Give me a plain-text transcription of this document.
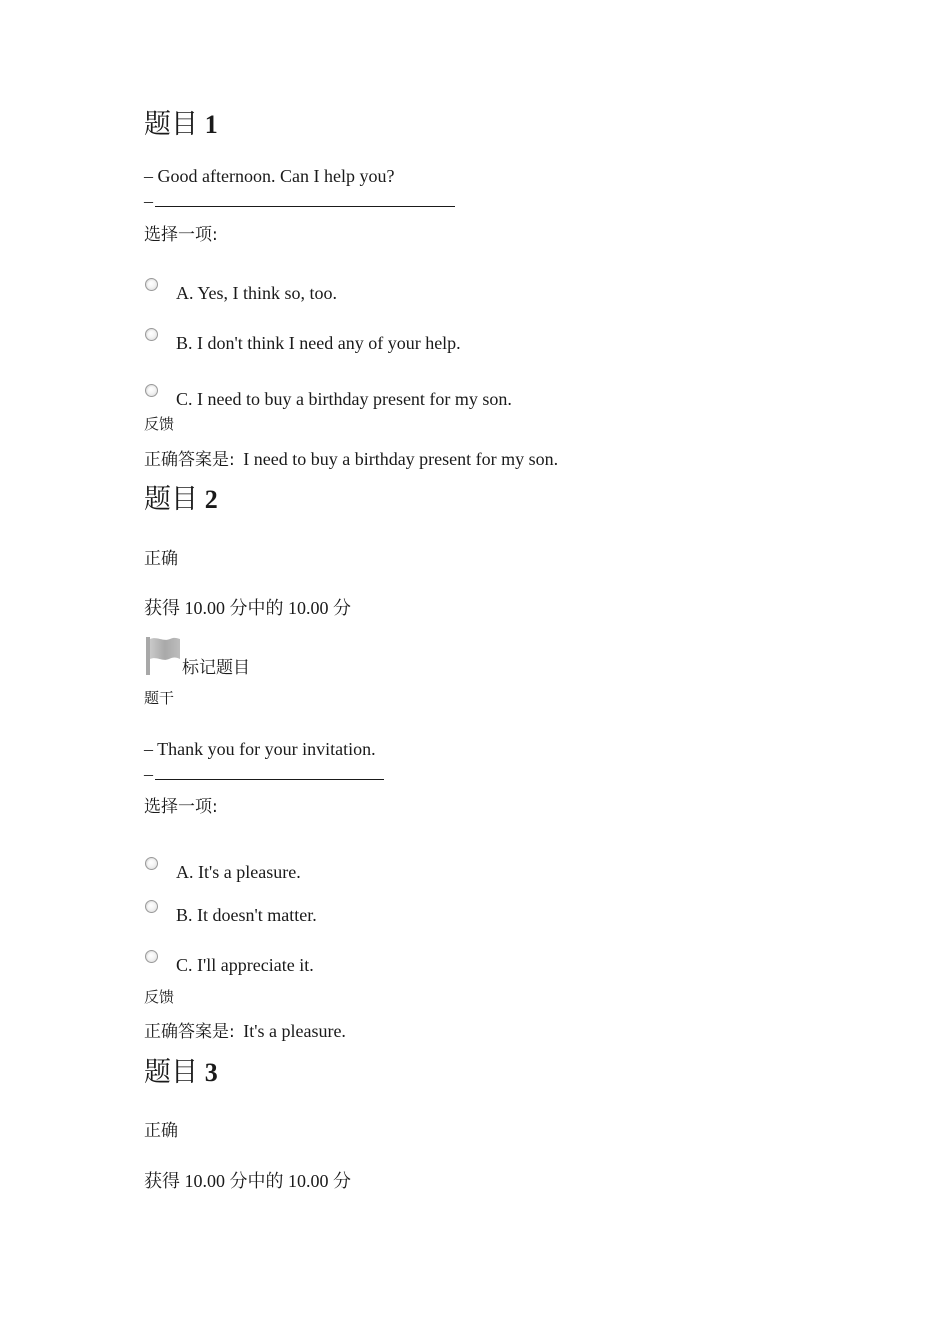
题目 1
– Good afternoon. Can I help you?
–
选择一项:
A. Yes, I think so, too.
B. I don't think I need any of your help.
C. I need to buy a birthday present for my son.
反馈
正确答案是: I need to buy a birthday present for my son.
题目 2
正确
获得 10.00 分中的 10.00 分
标记题目
题干
– Thank you for your invitation.
–
选择一项:
A. It's a pleasure.
B. It doesn't matter.
C. I'll appreciate it.
反馈
正确答案是: It's a pleasure.
题目 3
正确
获得 10.00 分中的 10.00 分
